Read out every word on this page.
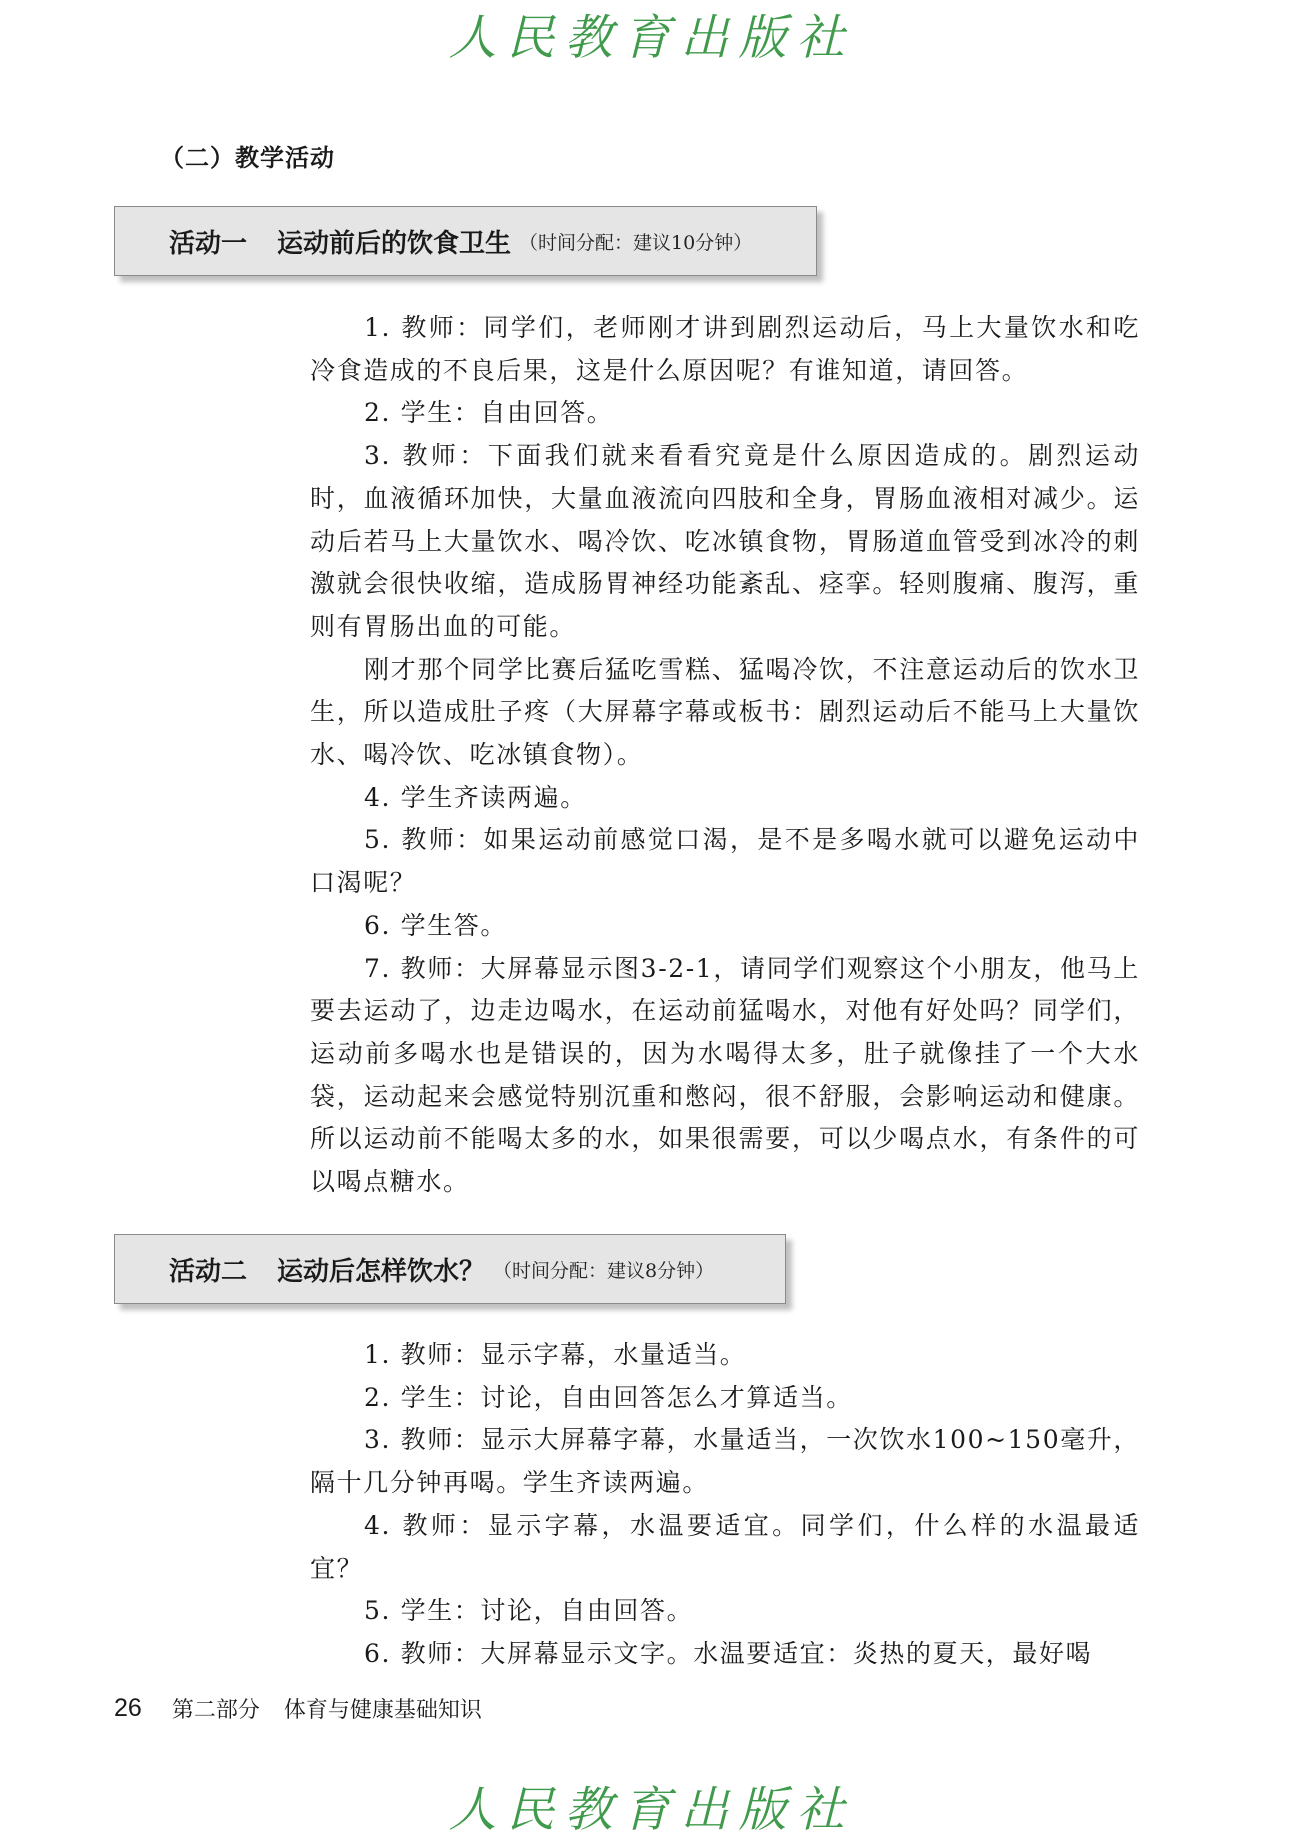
人民教育出版社
（二）教学活动
活动一 运动前后的饮食卫生 （时间分配：建议10分钟）

1. 教师：同学们，老师刚才讲到剧烈运动后，马上大量饮水和吃冷食造成的不良后果，这是什么原因呢？有谁知道，请回答。

2. 学生：自由回答。

3. 教师：下面我们就来看看究竟是什么原因造成的。剧烈运动时，血液循环加快，大量血液流向四肢和全身，胃肠血液相对减少。运动后若马上大量饮水、喝冷饮、吃冰镇食物，胃肠道血管受到冰冷的刺激就会很快收缩，造成肠胃神经功能紊乱、痉挛。轻则腹痛、腹泻，重则有胃肠出血的可能。

刚才那个同学比赛后猛吃雪糕、猛喝冷饮，不注意运动后的饮水卫生，所以造成肚子疼（大屏幕字幕或板书：剧烈运动后不能马上大量饮水、喝冷饮、吃冰镇食物）。

4. 学生齐读两遍。

5. 教师：如果运动前感觉口渴，是不是多喝水就可以避免运动中口渴呢？

6. 学生答。

7. 教师：大屏幕显示图3-2-1，请同学们观察这个小朋友，他马上要去运动了，边走边喝水，在运动前猛喝水，对他有好处吗？同学们，运动前多喝水也是错误的，因为水喝得太多，肚子就像挂了一个大水袋，运动起来会感觉特别沉重和憋闷，很不舒服，会影响运动和健康。所以运动前不能喝太多的水，如果很需要，可以少喝点水，有条件的可以喝点糖水。

活动二 运动后怎样饮水？ （时间分配：建议8分钟）

1. 教师：显示字幕，水量适当。

2. 学生：讨论，自由回答怎么才算适当。

3. 教师：显示大屏幕字幕，水量适当，一次饮水100~150毫升，隔十几分钟再喝。学生齐读两遍。

4. 教师：显示字幕，水温要适宜。同学们，什么样的水温最适宜？

5. 学生：讨论，自由回答。

6. 教师：大屏幕显示文字。水温要适宜：炎热的夏天，最好喝

26 第二部分 体育与健康基础知识
人民教育出版社
